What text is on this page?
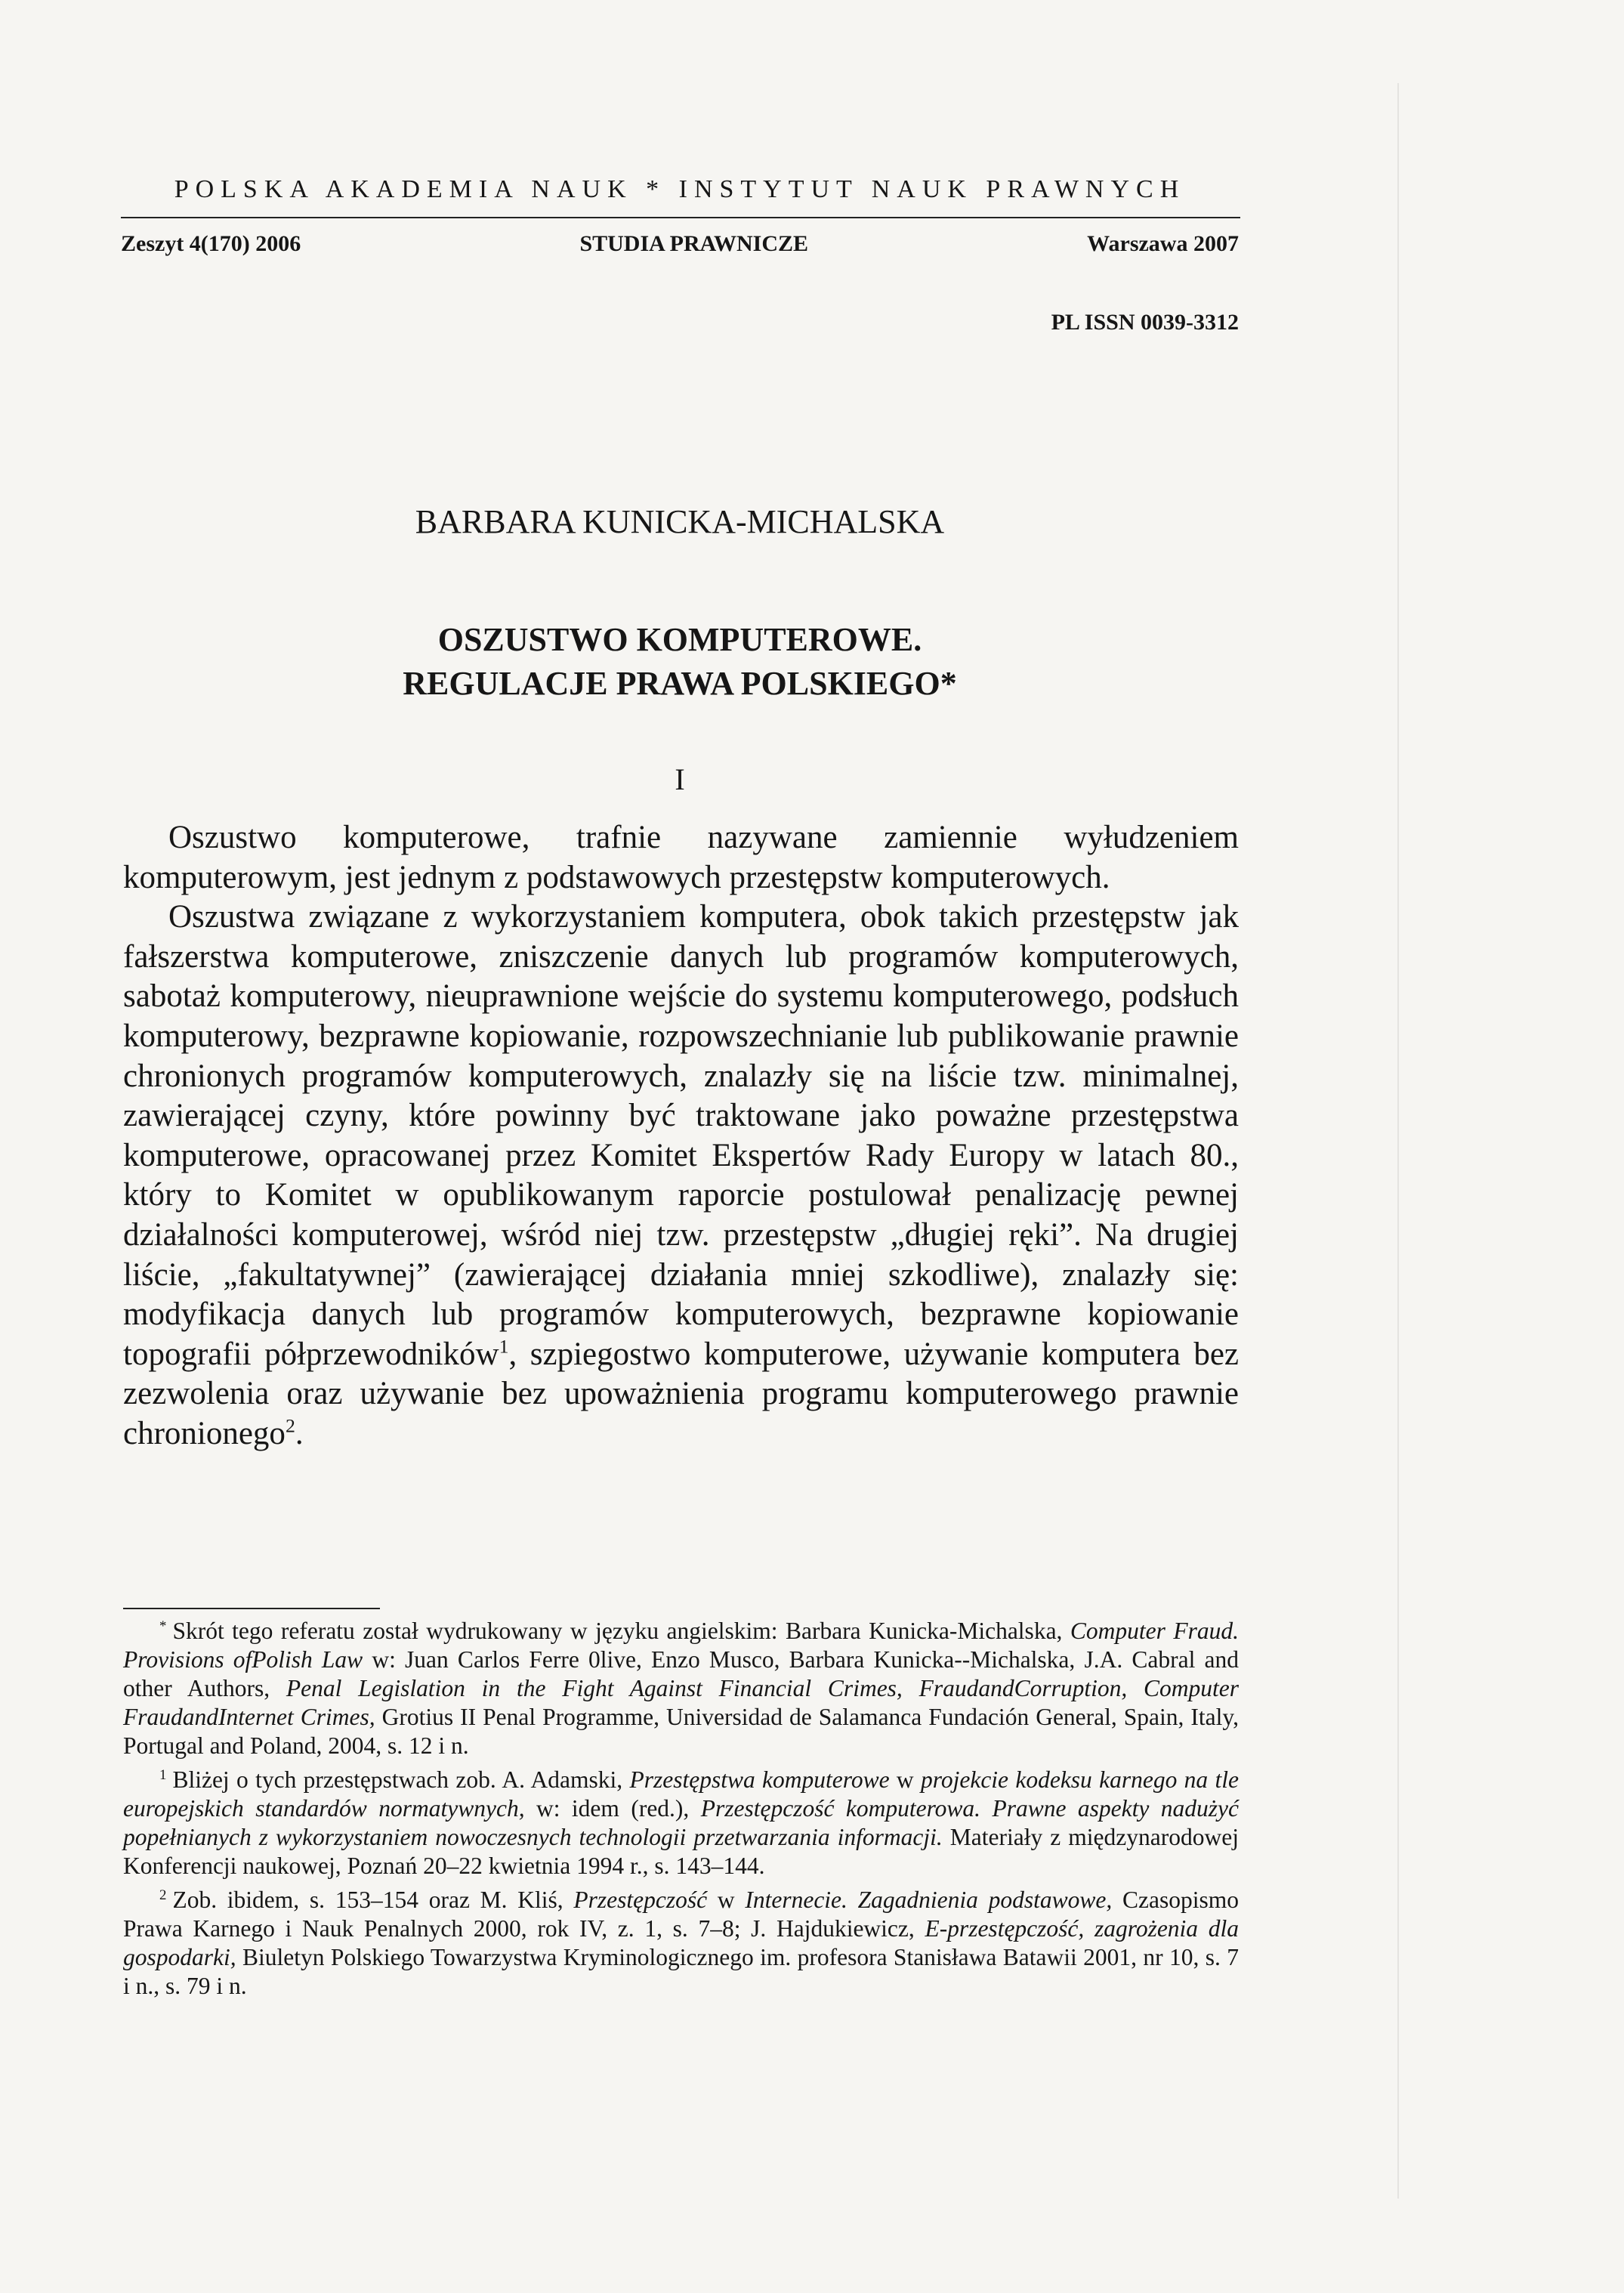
POLSKA AKADEMIA NAUK * INSTYTUT NAUK PRAWNYCH
Zeszyt 4(170) 2006	STUDIA PRAWNICZE	Warszawa 2007
PL ISSN 0039-3312
BARBARA KUNICKA-MICHALSKA
OSZUSTWO KOMPUTEROWE.
REGULACJE PRAWA POLSKIEGO*
I

Oszustwo komputerowe, trafnie nazywane zamiennie wyłudzeniem komputerowym, jest jednym z podstawowych przestępstw komputerowych.

Oszustwa związane z wykorzystaniem komputera, obok takich przestępstw jak fałszerstwa komputerowe, zniszczenie danych lub programów komputerowych, sabotaż komputerowy, nieuprawnione wejście do systemu komputerowego, podsłuch komputerowy, bezprawne kopiowanie, rozpowszechnianie lub publikowanie prawnie chronionych programów komputerowych, znalazły się na liście tzw. minimalnej, zawierającej czyny, które powinny być traktowane jako poważne przestępstwa komputerowe, opracowanej przez Komitet Ekspertów Rady Europy w latach 80., który to Komitet w opublikowanym raporcie postulował penalizację pewnej działalności komputerowej, wśród niej tzw. przestępstw „długiej ręki”. Na drugiej liście, „fakultatywnej” (zawierającej działania mniej szkodliwe), znalazły się: modyfikacja danych lub programów komputerowych, bezprawne kopiowanie topografii półprzewodników$^1$, szpiegostwo komputerowe, używanie komputera bez zezwolenia oraz używanie bez upoważnienia programu komputerowego prawnie chronionego$^2$.

* Skrót tego referatu został wydrukowany w języku angielskim: Barbara Kunicka-Michalska, Computer Fraud. Provisions ofPolish Law w: Juan Carlos Ferre 0live, Enzo Musco, Barbara Kunicka--Michalska, J.A. Cabral and other Authors, Penal Legislation in the Fight Against Financial Crimes, FraudandCorruption, Computer FraudandInternet Crimes, Grotius II Penal Programme, Universidad de Salamanca Fundación General, Spain, Italy, Portugal and Poland, 2004, s. 12 i n.

$^1$ Bliżej o tych przestępstwach zob. A. Adamski, Przestępstwa komputerowe w projekcie kodeksu karnego na tle europejskich standardów normatywnych, w: idem (red.), Przestępczość komputerowa. Prawne aspekty nadużyć popełnianych z wykorzystaniem nowoczesnych technologii przetwarzania informacji. Materiały z międzynarodowej Konferencji naukowej, Poznań 20–22 kwietnia 1994 r., s. 143–144.

$^2$ Zob. ibidem, s. 153–154 oraz M. Kliś, Przestępczość w Internecie. Zagadnienia podstawowe, Czasopismo Prawa Karnego i Nauk Penalnych 2000, rok IV, z. 1, s. 7–8; J. Hajdukiewicz, E-przestępczość, zagrożenia dla gospodarki, Biuletyn Polskiego Towarzystwa Kryminologicznego im. profesora Stanisława Batawii 2001, nr 10, s. 7 i n., s. 79 i n.
